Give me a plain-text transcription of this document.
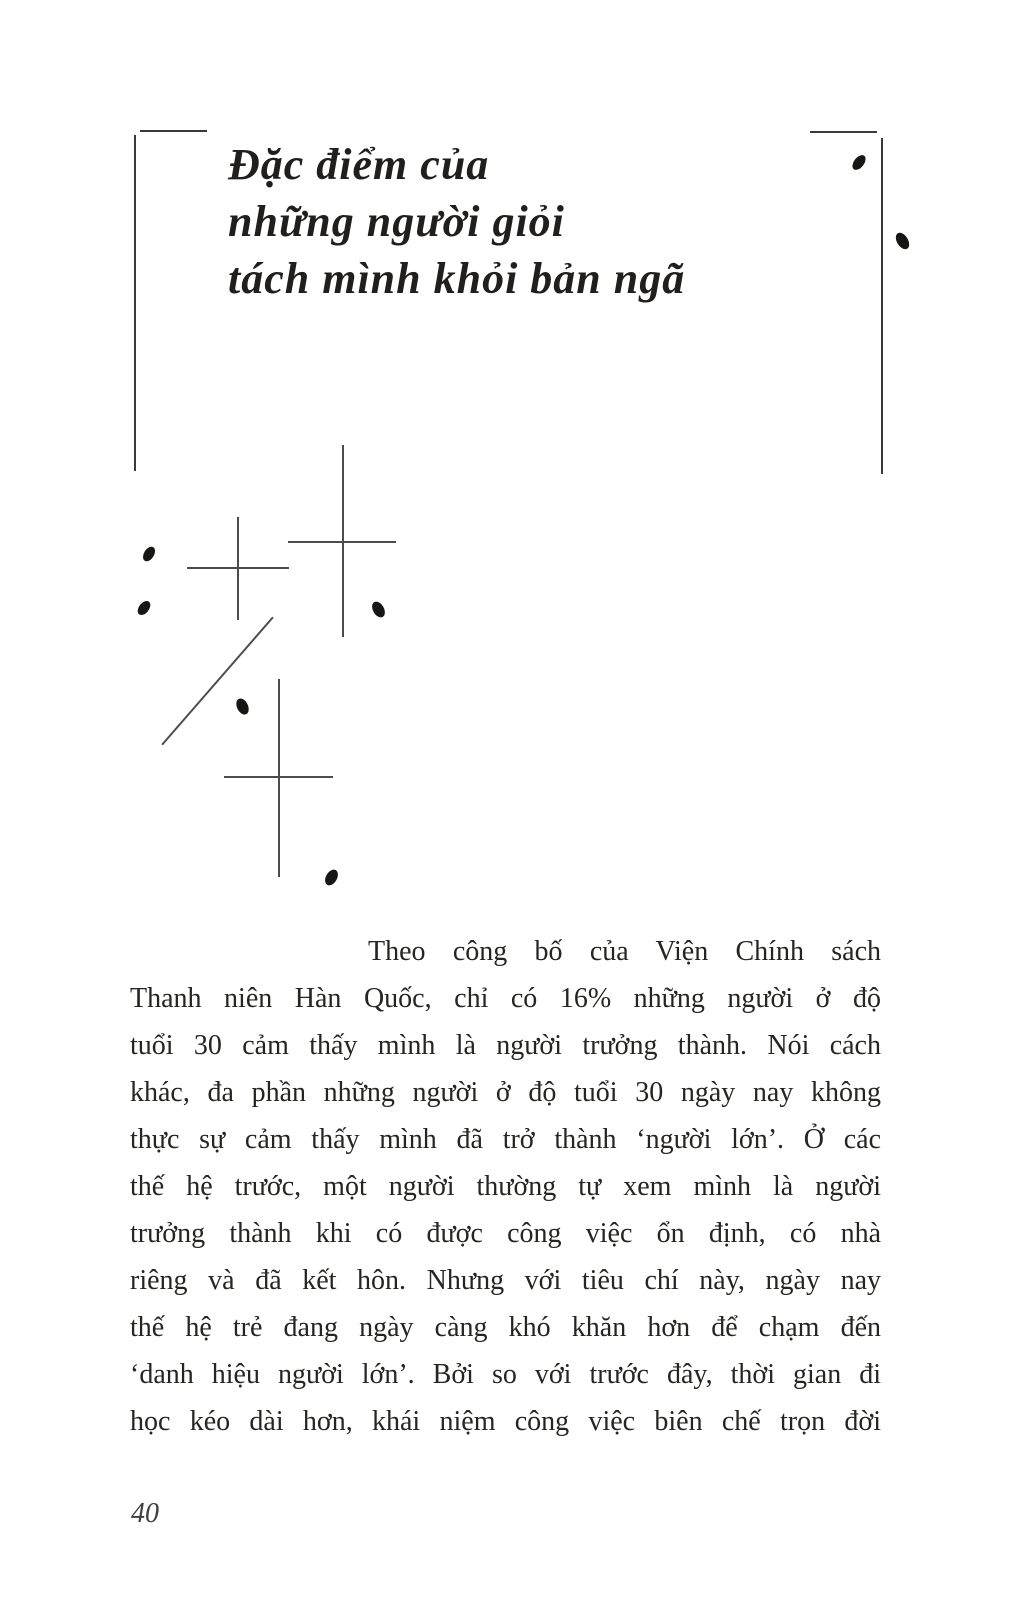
Đặc điểm của
những người giỏi
tách mình khỏi bản ngã
Theo công bố của Viện Chính sách
Thanh niên Hàn Quốc, chỉ có 16% những người ở độ
tuổi 30 cảm thấy mình là người trưởng thành. Nói cách
khác, đa phần những người ở độ tuổi 30 ngày nay không
thực sự cảm thấy mình đã trở thành ‘người lớn’. Ở các
thế hệ trước, một người thường tự xem mình là người
trưởng thành khi có được công việc ổn định, có nhà
riêng và đã kết hôn. Nhưng với tiêu chí này, ngày nay
thế hệ trẻ đang ngày càng khó khăn hơn để chạm đến
‘danh hiệu người lớn’. Bởi so với trước đây, thời gian đi
học kéo dài hơn, khái niệm công việc biên chế trọn đời
40
